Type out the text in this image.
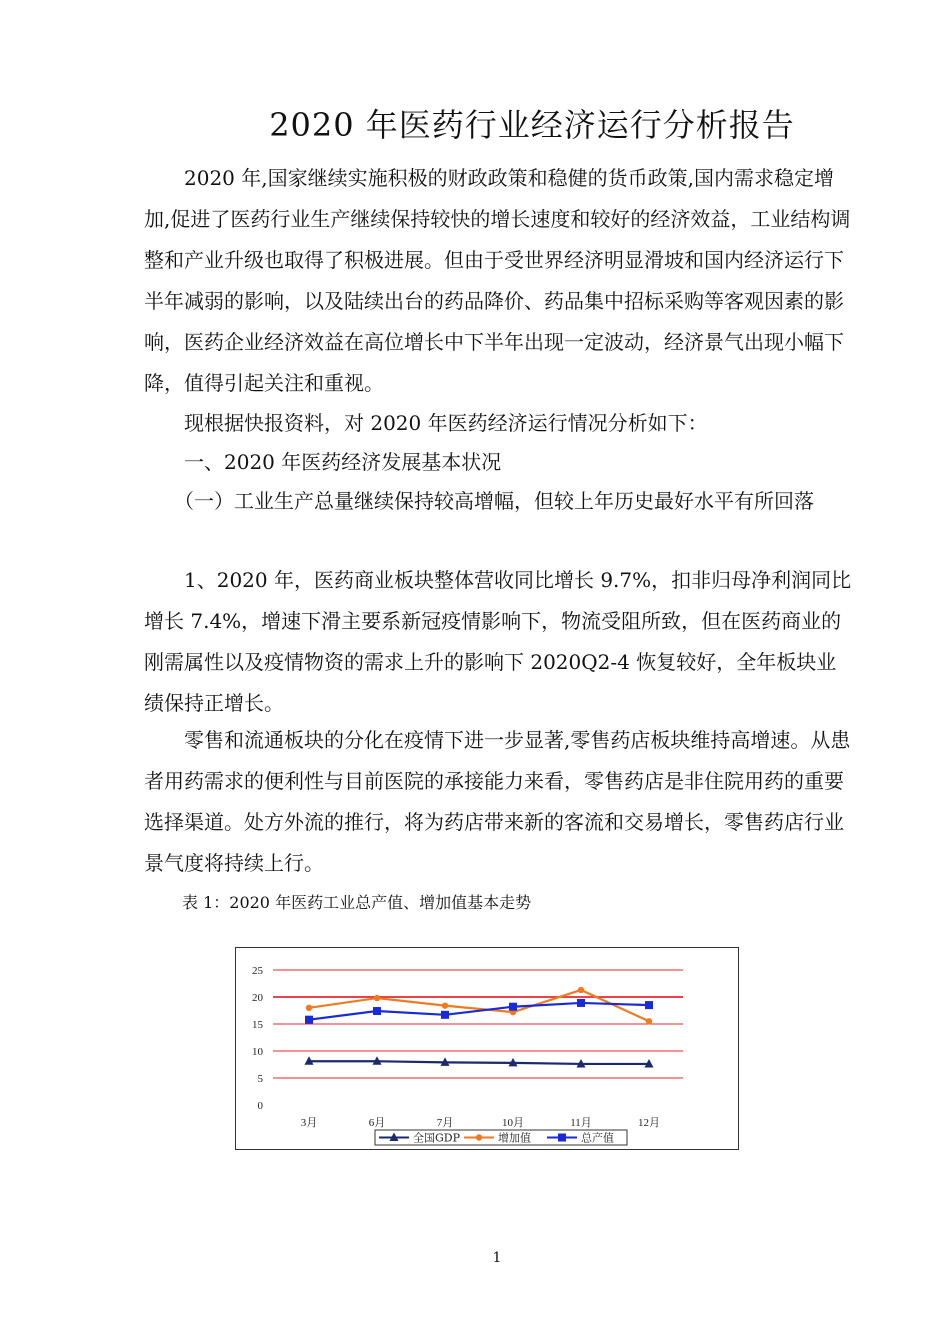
2020 年医药行业经济运行分析报告

2020 年,国家继续实施积极的财政政策和稳健的货币政策,国内需求稳定增加,促进了医药行业生产继续保持较快的增长速度和较好的经济效益，工业结构调整和产业升级也取得了积极进展。但由于受世界经济明显滑坡和国内经济运行下半年减弱的影响，以及陆续出台的药品降价、药品集中招标采购等客观因素的影响，医药企业经济效益在高位增长中下半年出现一定波动，经济景气出现小幅下降，值得引起关注和重视。

现根据快报资料，对 2020 年医药经济运行情况分析如下：

一、2020 年医药经济发展基本状况

（一）工业生产总量继续保持较高增幅，但较上年历史最好水平有所回落

1、2020 年，医药商业板块整体营收同比增长 9.7%，扣非归母净利润同比增长 7.4%，增速下滑主要系新冠疫情影响下，物流受阻所致，但在医药商业的刚需属性以及疫情物资的需求上升的影响下 2020Q2-4 恢复较好，全年板块业绩保持正增长。

零售和流通板块的分化在疫情下进一步显著,零售药店板块维持高增速。从患者用药需求的便利性与目前医院的承接能力来看，零售药店是非住院用药的重要选择渠道。处方外流的推行，将为药店带来新的客流和交易增长，零售药店行业景气度将持续上行。

表 1：2020 年医药工业总产值、增加值基本走势

0
5
10
15
20
25
3月	6月	7月	10月	11月	12月
全国GDP	增加值	总产值
1
